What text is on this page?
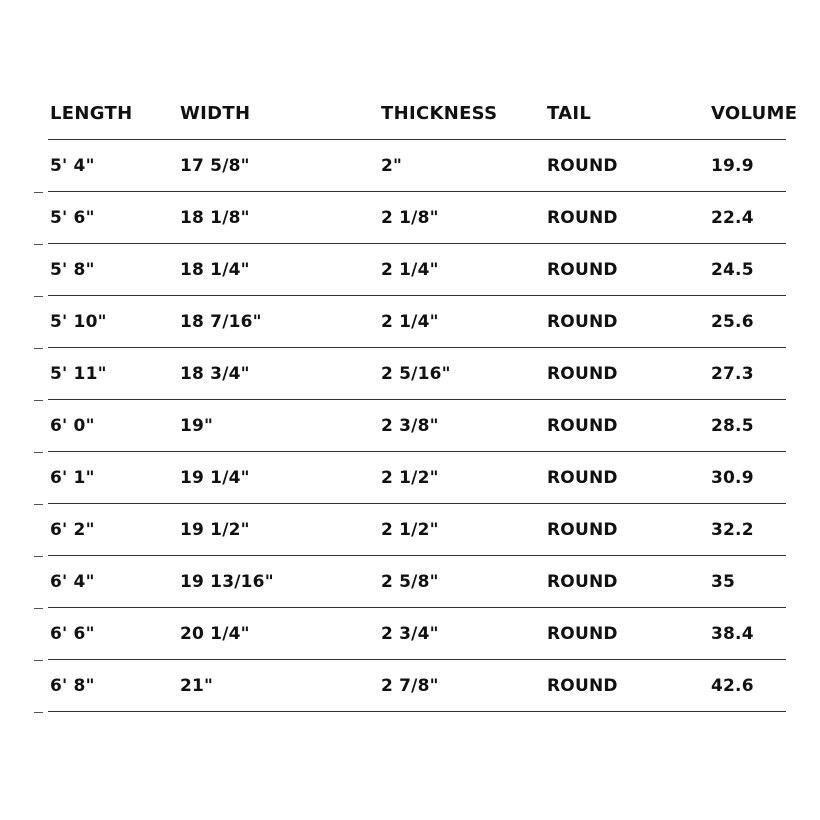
LENGTH	WIDTH	THICKNESS	TAIL	VOLUME
5' 4"	17 5/8"	2"	ROUND	19.9
5' 6"	18 1/8"	2 1/8"	ROUND	22.4
5' 8"	18 1/4"	2 1/4"	ROUND	24.5
5' 10"	18 7/16"	2 1/4"	ROUND	25.6
5' 11"	18 3/4"	2 5/16"	ROUND	27.3
6' 0"	19"	2 3/8"	ROUND	28.5
6' 1"	19 1/4"	2 1/2"	ROUND	30.9
6' 2"	19 1/2"	2 1/2"	ROUND	32.2
6' 4"	19 13/16"	2 5/8"	ROUND	35
6' 6"	20 1/4"	2 3/4"	ROUND	38.4
6' 8"	21"	2 7/8"	ROUND	42.6
